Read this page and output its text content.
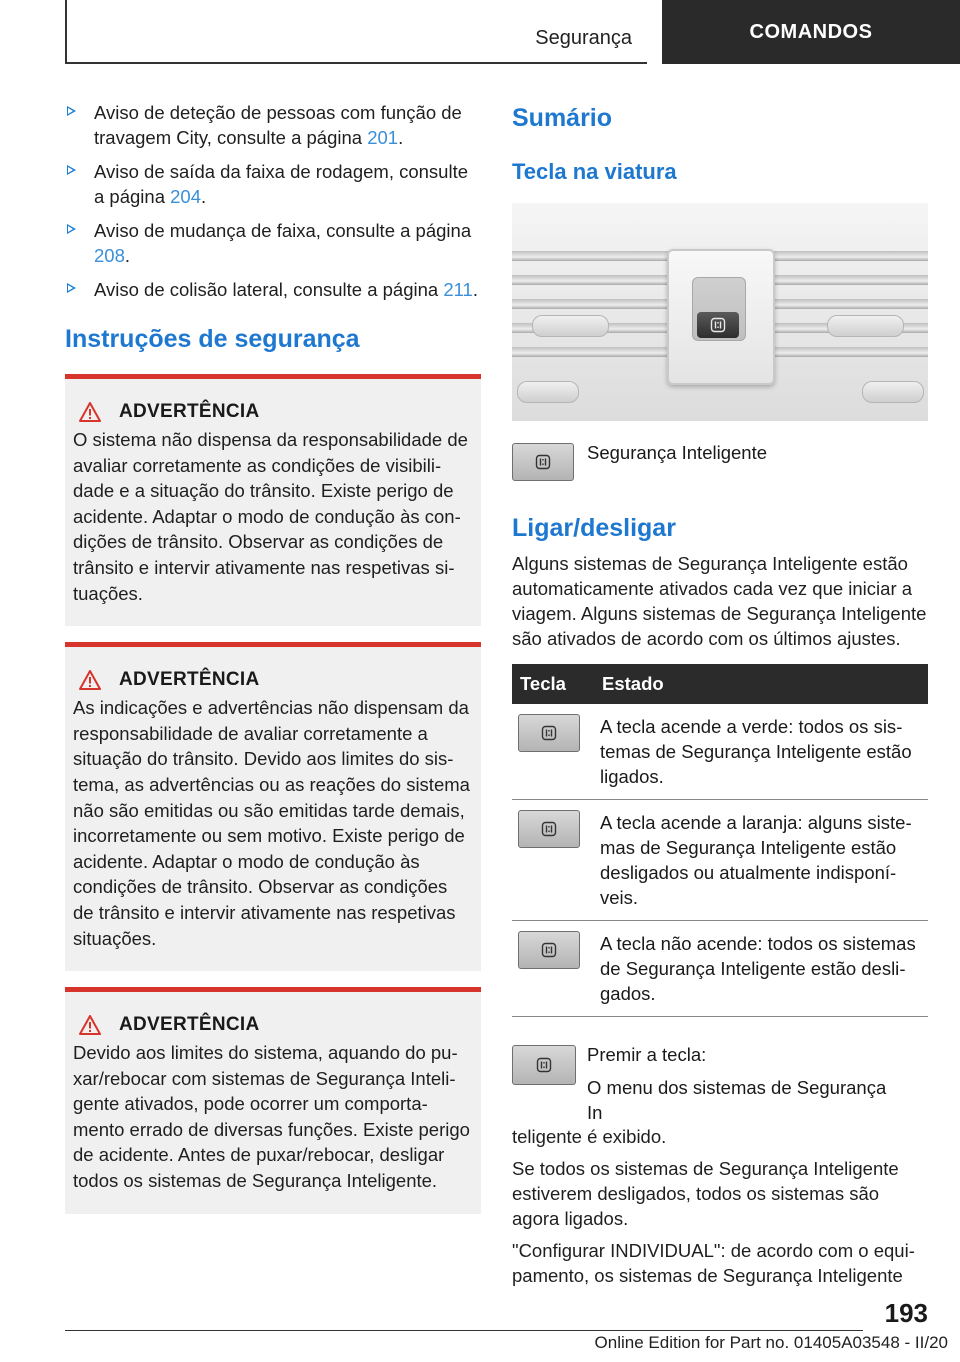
Segurança	COMANDOS
Aviso de deteção de pessoas com função de travagem City, consulte a página 201.
Aviso de saída da faixa de rodagem, consulte a página 204.
Aviso de mudança de faixa, consulte a página 208.
Aviso de colisão lateral, consulte a página 211.
Instruções de segurança
ADVERTÊNCIA
O sistema não dispensa da responsabilidade de avaliar corretamente as condições de visibilidade e a situação do trânsito. Existe perigo de acidente. Adaptar o modo de condução às condições de trânsito. Observar as condições de trânsito e intervir ativamente nas respetivas situações.
ADVERTÊNCIA
As indicações e advertências não dispensam da responsabilidade de avaliar corretamente a situação do trânsito. Devido aos limites do sistema, as advertências ou as reações do sistema não são emitidas ou são emitidas tarde demais, incorretamente ou sem motivo. Existe perigo de acidente. Adaptar o modo de condução às condições de trânsito. Observar as condições de trânsito e intervir ativamente nas respetivas situações.
ADVERTÊNCIA
Devido aos limites do sistema, aquando do puxar/rebocar com sistemas de Segurança Inteligente ativados, pode ocorrer um comportamento errado de diversas funções. Existe perigo de acidente. Antes de puxar/rebocar, desligar todos os sistemas de Segurança Inteligente.
Sumário
Tecla na viatura
Segurança Inteligente
Ligar/desligar

Alguns sistemas de Segurança Inteligente estão automaticamente ativados cada vez que iniciar a viagem. Alguns sistemas de Segurança Inteligente são ativados de acordo com os últimos ajustes.

Tecla	Estado

	A tecla acende a verde: todos os sistemas de Segurança Inteligente estão ligados.

	A tecla acende a laranja: alguns sistemas de Segurança Inteligente estão desligados ou atualmente indisponíveis.

	A tecla não acende: todos os sistemas de Segurança Inteligente estão desligados.
Premir a tecla:
O menu dos sistemas de Segurança In

teligente é exibido.

Se todos os sistemas de Segurança Inteligente estiverem desligados, todos os sistemas são agora ligados.

"Configurar INDIVIDUAL": de acordo com o equipamento, os sistemas de Segurança Inteligente

193
Online Edition for Part no. 01405A03548 - II/20
